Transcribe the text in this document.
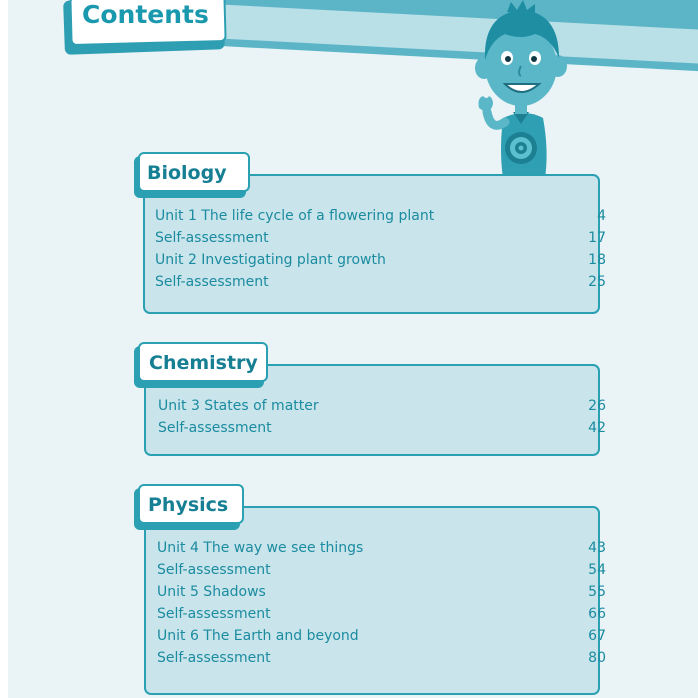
Contents
Biology
Unit 1 The life cycle of a flowering plant	4
Self-assessment	17
Unit 2 Investigating plant growth	18
Self-assessment	25
Chemistry
Unit 3 States of matter	26
Self-assessment	42
Physics
Unit 4 The way we see things	43
Self-assessment	54
Unit 5 Shadows	55
Self-assessment	66
Unit 6 The Earth and beyond	67
Self-assessment	80
